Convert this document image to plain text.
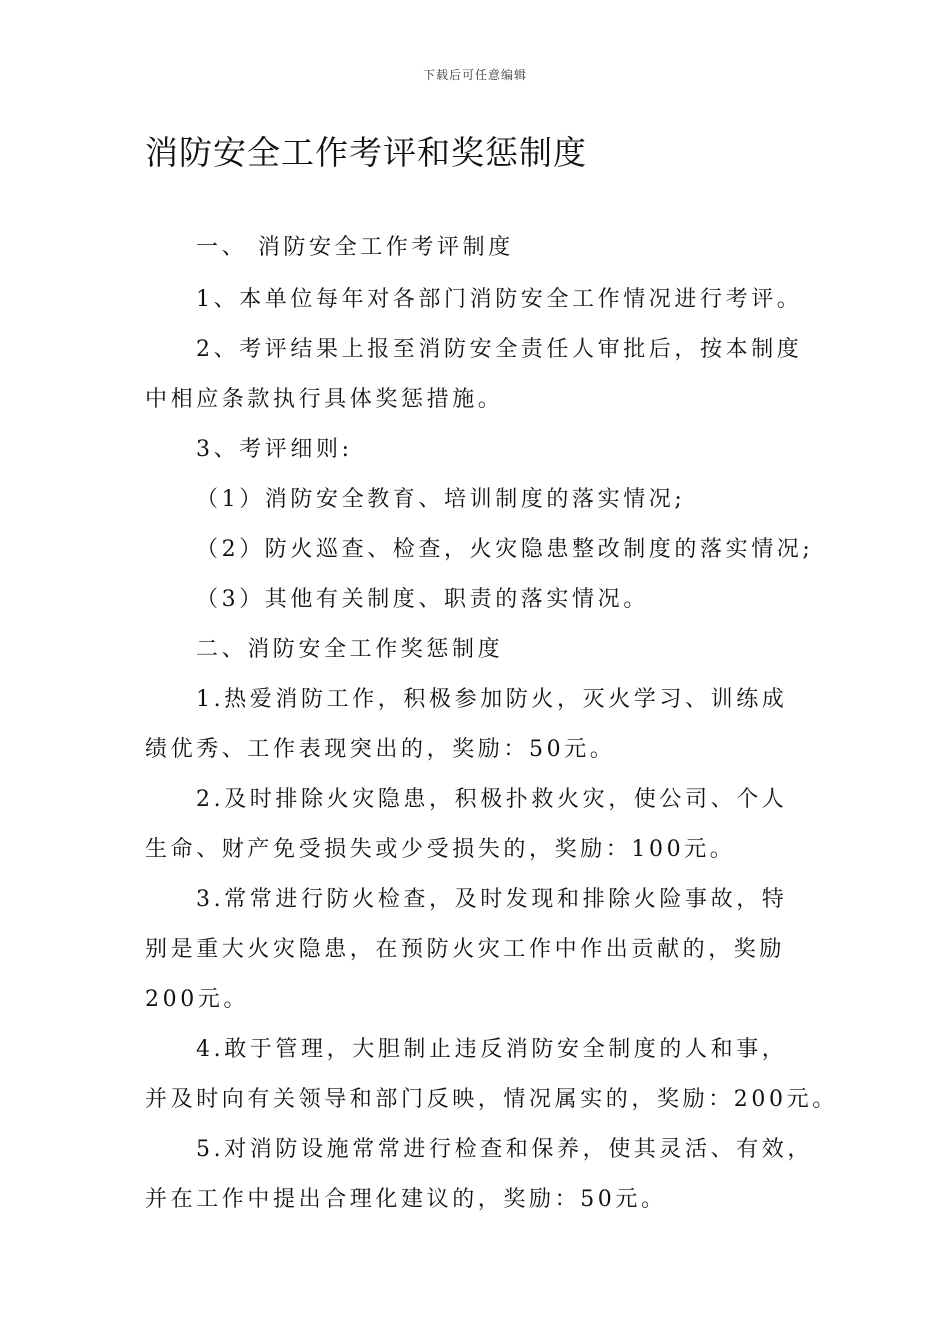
下载后可任意编辑
消防安全工作考评和奖惩制度

一、 消防安全工作考评制度

1、本单位每年对各部门消防安全工作情况进行考评。

2、考评结果上报至消防安全责任人审批后，按本制度

中相应条款执行具体奖惩措施。

3、考评细则:

（1）消防安全教育、培训制度的落实情况;

（2）防火巡查、检查，火灾隐患整改制度的落实情况;

（3）其他有关制度、职责的落实情况。

二、消防安全工作奖惩制度

1.热爱消防工作，积极参加防火，灭火学习、训练成

绩优秀、工作表现突出的，奖励：50元。

2.及时排除火灾隐患，积极扑救火灾，使公司、个人

生命、财产免受损失或少受损失的，奖励：100元。

3.常常进行防火检查，及时发现和排除火险事故，特

别是重大火灾隐患，在预防火灾工作中作出贡献的，奖励

200元。

4.敢于管理，大胆制止违反消防安全制度的人和事，

并及时向有关领导和部门反映，情况属实的，奖励：200元。

5.对消防设施常常进行检查和保养，使其灵活、有效，

并在工作中提出合理化建议的，奖励：50元。
